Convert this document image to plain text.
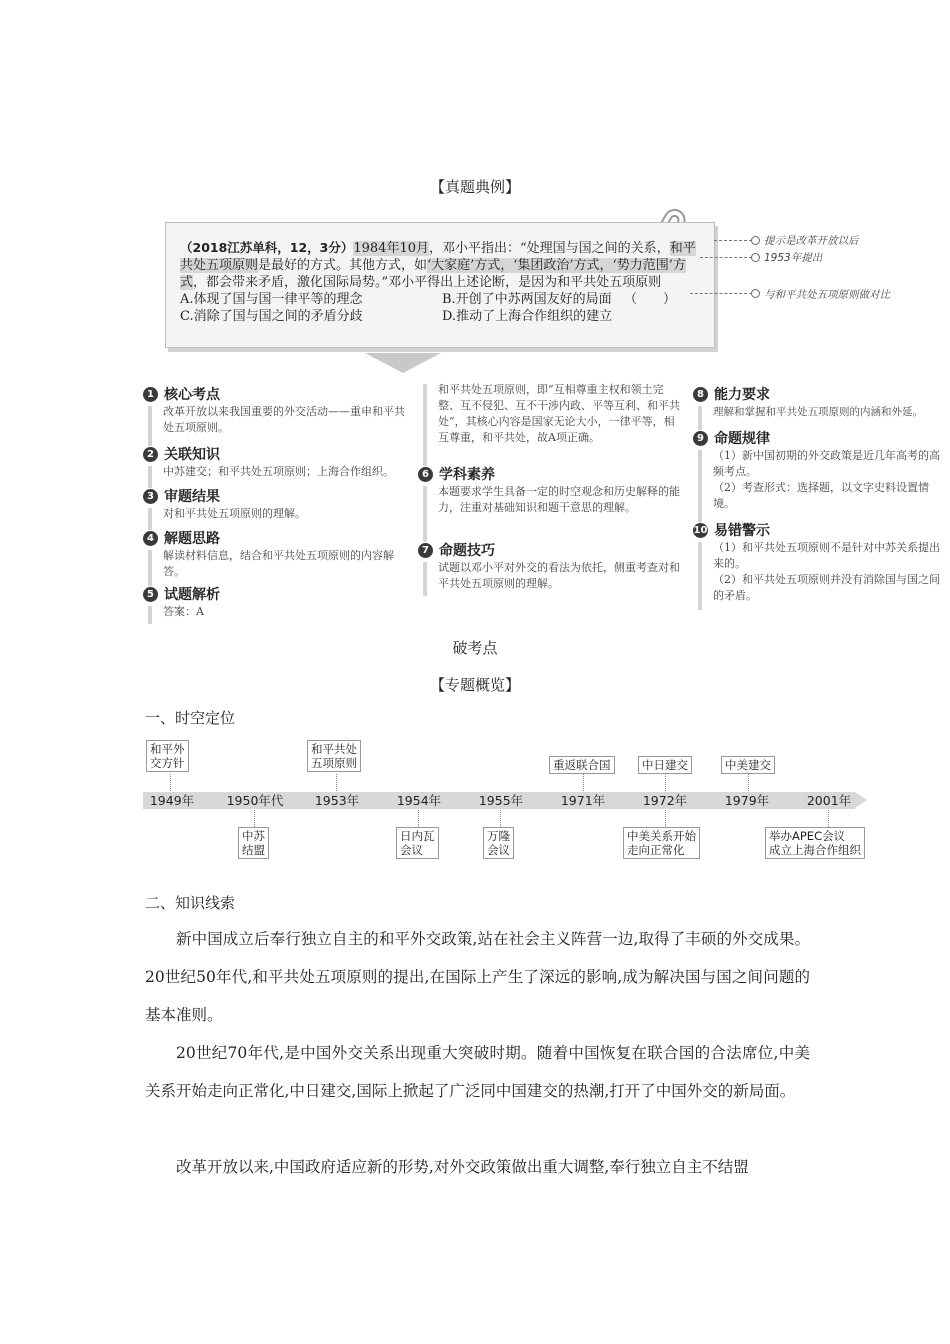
【真题典例】
（2018江苏单科，12，3分）1984年10月，邓小平指出：“处理国与国之间的关系，和平共处五项原则是最好的方式。其他方式，如‘大家庭’方式，‘集团政治’方式，‘势力范围’方式，都会带来矛盾，激化国际局势。”邓小平得出上述论断，是因为和平共处五项原则
（　　）
A.体现了国与国一律平等的理念	B.开创了中苏两国友好的局面
C.消除了国与国之间的矛盾分歧	D.推动了上海合作组织的建立
提示是改革开放以后
1953年提出
与和平共处五项原则做对比
1 核心考点
改革开放以来我国重要的外交活动——重申和平共处五项原则。
2 关联知识
中苏建交；和平共处五项原则；上海合作组织。
3 审题结果
对和平共处五项原则的理解。
4 解题思路
解读材料信息，结合和平共处五项原则的内容解答。
5 试题解析
答案：A
和平共处五项原则，即“互相尊重主权和领土完整、互不侵犯、互不干涉内政、平等互利、和平共处”，其核心内容是国家无论大小，一律平等，相互尊重，和平共处，故A项正确。
6 学科素养
本题要求学生具备一定的时空观念和历史解释的能力，注重对基础知识和题干意思的理解。
7 命题技巧
试题以邓小平对外交的看法为依托，侧重考查对和平共处五项原则的理解。
8 能力要求
理解和掌握和平共处五项原则的内涵和外延。
9 命题规律
（1）新中国初期的外交政策是近几年高考的高频考点。
（2）考查形式：选择题，以文字史料设置情境。
10 易错警示
（1）和平共处五项原则不是针对中苏关系提出来的。
（2）和平共处五项原则并没有消除国与国之间的矛盾。
破考点
【专题概览】
一、时空定位
1949年	1950年代	1953年	1954年	1955年	1971年	1972年	1979年	2001年
和平外
交方针
和平共处
五项原则	重返联合国	中日建交	中美建交
中苏
结盟
日内瓦
会议
万隆
会议
中美关系开始
走向正常化
举办APEC会议
成立上海合作组织
二、知识线索
新中国成立后奉行独立自主的和平外交政策,站在社会主义阵营一边,取得了丰硕的外交成果。20世纪50年代,和平共处五项原则的提出,在国际上产生了深远的影响,成为解决国与国之间问题的基本准则。
20世纪70年代,是中国外交关系出现重大突破时期。随着中国恢复在联合国的合法席位,中美关系开始走向正常化,中日建交,国际上掀起了广泛同中国建交的热潮,打开了中国外交的新局面。
改革开放以来,中国政府适应新的形势,对外交政策做出重大调整,奉行独立自主不结盟
